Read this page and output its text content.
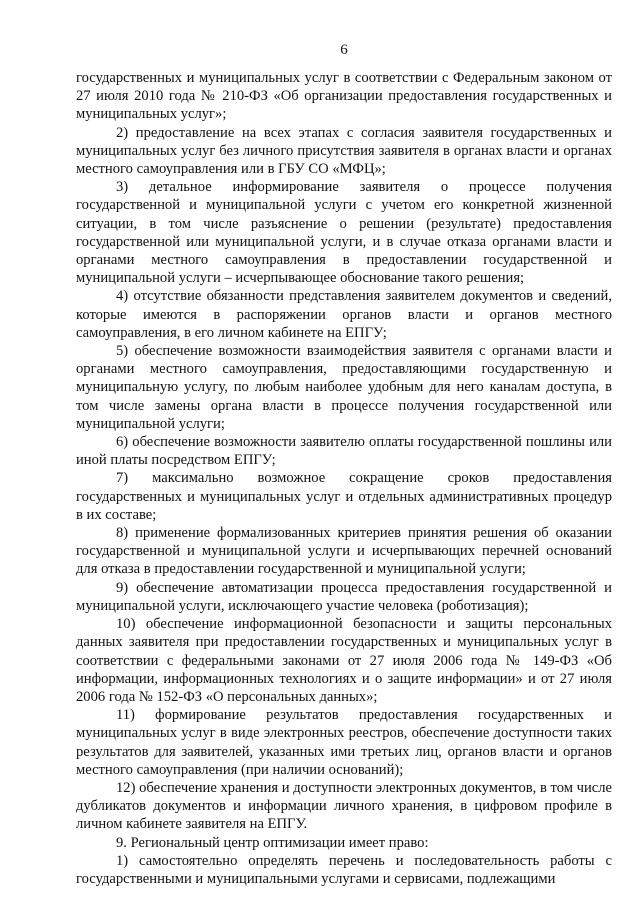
6

государственных и муниципальных услуг в соответствии с Федеральным законом от 27 июля 2010 года № 210-ФЗ «Об организации предоставления государственных и муниципальных услуг»;

2) предоставление на всех этапах с согласия заявителя государственных и муниципальных услуг без личного присутствия заявителя в органах власти и органах местного самоуправления или в ГБУ СО «МФЦ»;

3) детальное информирование заявителя о процессе получения государственной и муниципальной услуги с учетом его конкретной жизненной ситуации, в том числе разъяснение о решении (результате) предоставления государственной или муниципальной услуги, и в случае отказа органами власти и органами местного самоуправления в предоставлении государственной и муниципальной услуги – исчерпывающее обоснование такого решения;

4) отсутствие обязанности представления заявителем документов и сведений, которые имеются в распоряжении органов власти и органов местного самоуправления, в его личном кабинете на ЕПГУ;

5) обеспечение возможности взаимодействия заявителя с органами власти и органами местного самоуправления, предоставляющими государственную и муниципальную услугу, по любым наиболее удобным для него каналам доступа, в том числе замены органа власти в процессе получения государственной или муниципальной услуги;

6) обеспечение возможности заявителю оплаты государственной пошлины или иной платы посредством ЕПГУ;

7) максимально возможное сокращение сроков предоставления государственных и муниципальных услуг и отдельных административных процедур в их составе;

8) применение формализованных критериев принятия решения об оказании государственной и муниципальной услуги и исчерпывающих перечней оснований для отказа в предоставлении государственной и муниципальной услуги;

9) обеспечение автоматизации процесса предоставления государственной и муниципальной услуги, исключающего участие человека (роботизация);

10) обеспечение информационной безопасности и защиты персональных данных заявителя при предоставлении государственных и муниципальных услуг в соответствии с федеральными законами от 27 июля 2006 года № 149-ФЗ «Об информации, информационных технологиях и о защите информации» и от 27 июля 2006 года № 152-ФЗ «О персональных данных»;

11) формирование результатов предоставления государственных и муниципальных услуг в виде электронных реестров, обеспечение доступности таких результатов для заявителей, указанных ими третьих лиц, органов власти и органов местного самоуправления (при наличии оснований);

12) обеспечение хранения и доступности электронных документов, в том числе дубликатов документов и информации личного хранения, в цифровом профиле в личном кабинете заявителя на ЕПГУ.

9. Региональный центр оптимизации имеет право:

1) самостоятельно определять перечень и последовательность работы с государственными и муниципальными услугами и сервисами, подлежащими
